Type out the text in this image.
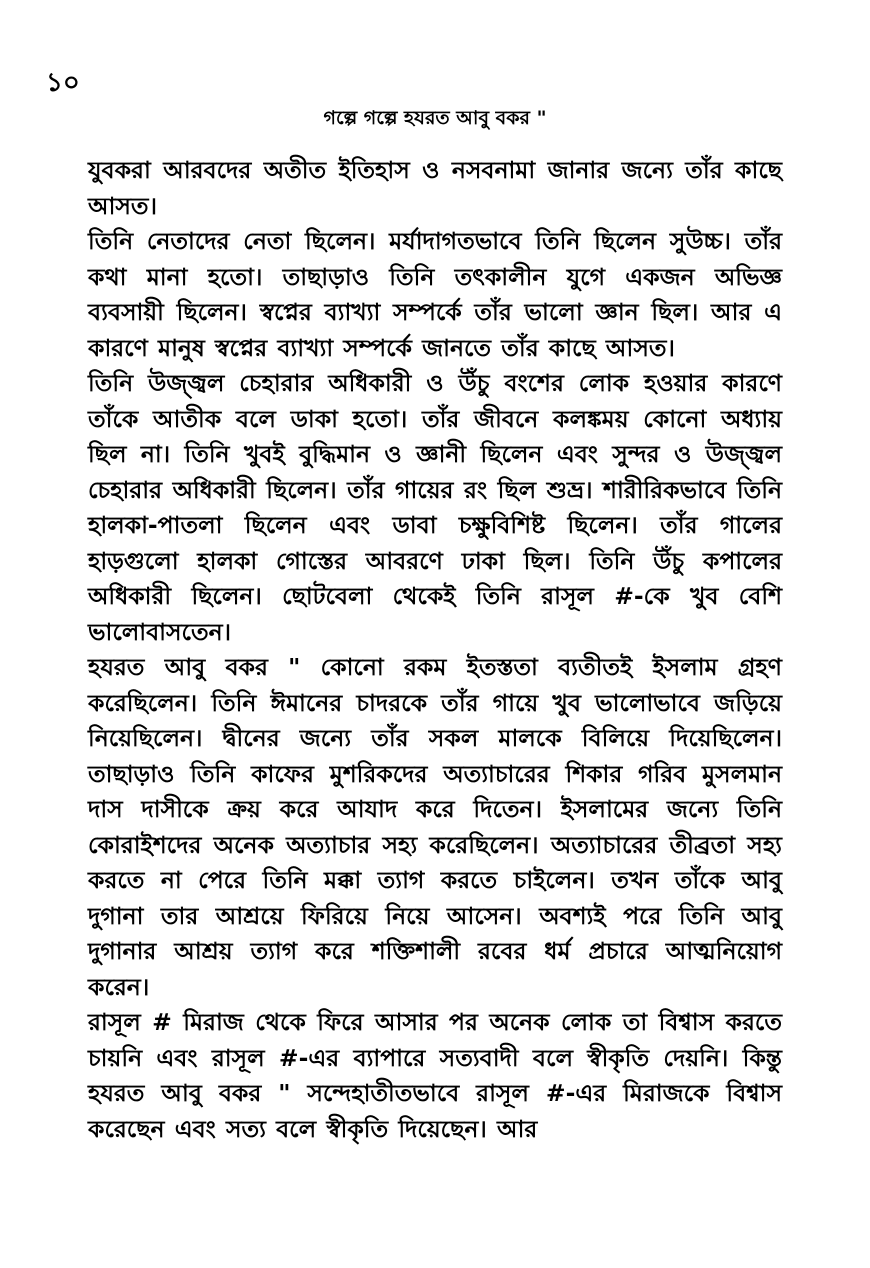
১০
গল্পে গল্পে হযরত আবু বকর "

যুবকরা আরবদের অতীত ইতিহাস ও নসবনামা জানার জন্যে তাঁর কাছে আসত।

তিনি নেতাদের নেতা ছিলেন। মর্যাদাগতভাবে তিনি ছিলেন সুউচ্চ। তাঁর কথা মানা হতো। তাছাড়াও তিনি তৎকালীন যুগে একজন অভিজ্ঞ ব্যবসায়ী ছিলেন। স্বপ্নের ব্যাখ্যা সম্পর্কে তাঁর ভালো জ্ঞান ছিল। আর এ কারণে মানুষ স্বপ্নের ব্যাখ্যা সম্পর্কে জানতে তাঁর কাছে আসত।

তিনি উজ্জ্বল চেহারার অধিকারী ও উঁচু বংশের লোক হওয়ার কারণে তাঁকে আতীক বলে ডাকা হতো। তাঁর জীবনে কলঙ্কময় কোনো অধ্যায় ছিল না। তিনি খুবই বুদ্ধিমান ও জ্ঞানী ছিলেন এবং সুন্দর ও উজ্জ্বল চেহারার অধিকারী ছিলেন। তাঁর গায়ের রং ছিল শুভ্র। শারীরিকভাবে তিনি হালকা-পাতলা ছিলেন এবং ডাবা চক্ষুবিশিষ্ট ছিলেন। তাঁর গালের হাড়গুলো হালকা গোস্তের আবরণে ঢাকা ছিল। তিনি উঁচু কপালের অধিকারী ছিলেন। ছোটবেলা থেকেই তিনি রাসূল #-কে খুব বেশি ভালোবাসতেন।

হযরত আবু বকর " কোনো রকম ইতস্ততা ব্যতীতই ইসলাম গ্রহণ করেছিলেন। তিনি ঈমানের চাদরকে তাঁর গায়ে খুব ভালোভাবে জড়িয়ে নিয়েছিলেন। দ্বীনের জন্যে তাঁর সকল মালকে বিলিয়ে দিয়েছিলেন। তাছাড়াও তিনি কাফের মুশরিকদের অত্যাচারের শিকার গরিব মুসলমান দাস দাসীকে ক্রয় করে আযাদ করে দিতেন। ইসলামের জন্যে তিনি কোরাইশদের অনেক অত্যাচার সহ্য করেছিলেন। অত্যাচারের তীব্রতা সহ্য করতে না পেরে তিনি মক্কা ত্যাগ করতে চাইলেন। তখন তাঁকে আবু দুগানা তার আশ্রয়ে ফিরিয়ে নিয়ে আসেন। অবশ্যই পরে তিনি আবু দুগানার আশ্রয় ত্যাগ করে শক্তিশালী রবের ধর্ম প্রচারে আত্মনিয়োগ করেন।

রাসূল # মিরাজ থেকে ফিরে আসার পর অনেক লোক তা বিশ্বাস করতে চায়নি এবং রাসূল #-এর ব্যাপারে সত্যবাদী বলে স্বীকৃতি দেয়নি। কিন্তু হযরত আবু বকর " সন্দেহাতীতভাবে রাসূল #-এর মিরাজকে বিশ্বাস করেছেন এবং সত্য বলে স্বীকৃতি দিয়েছেন। আর
